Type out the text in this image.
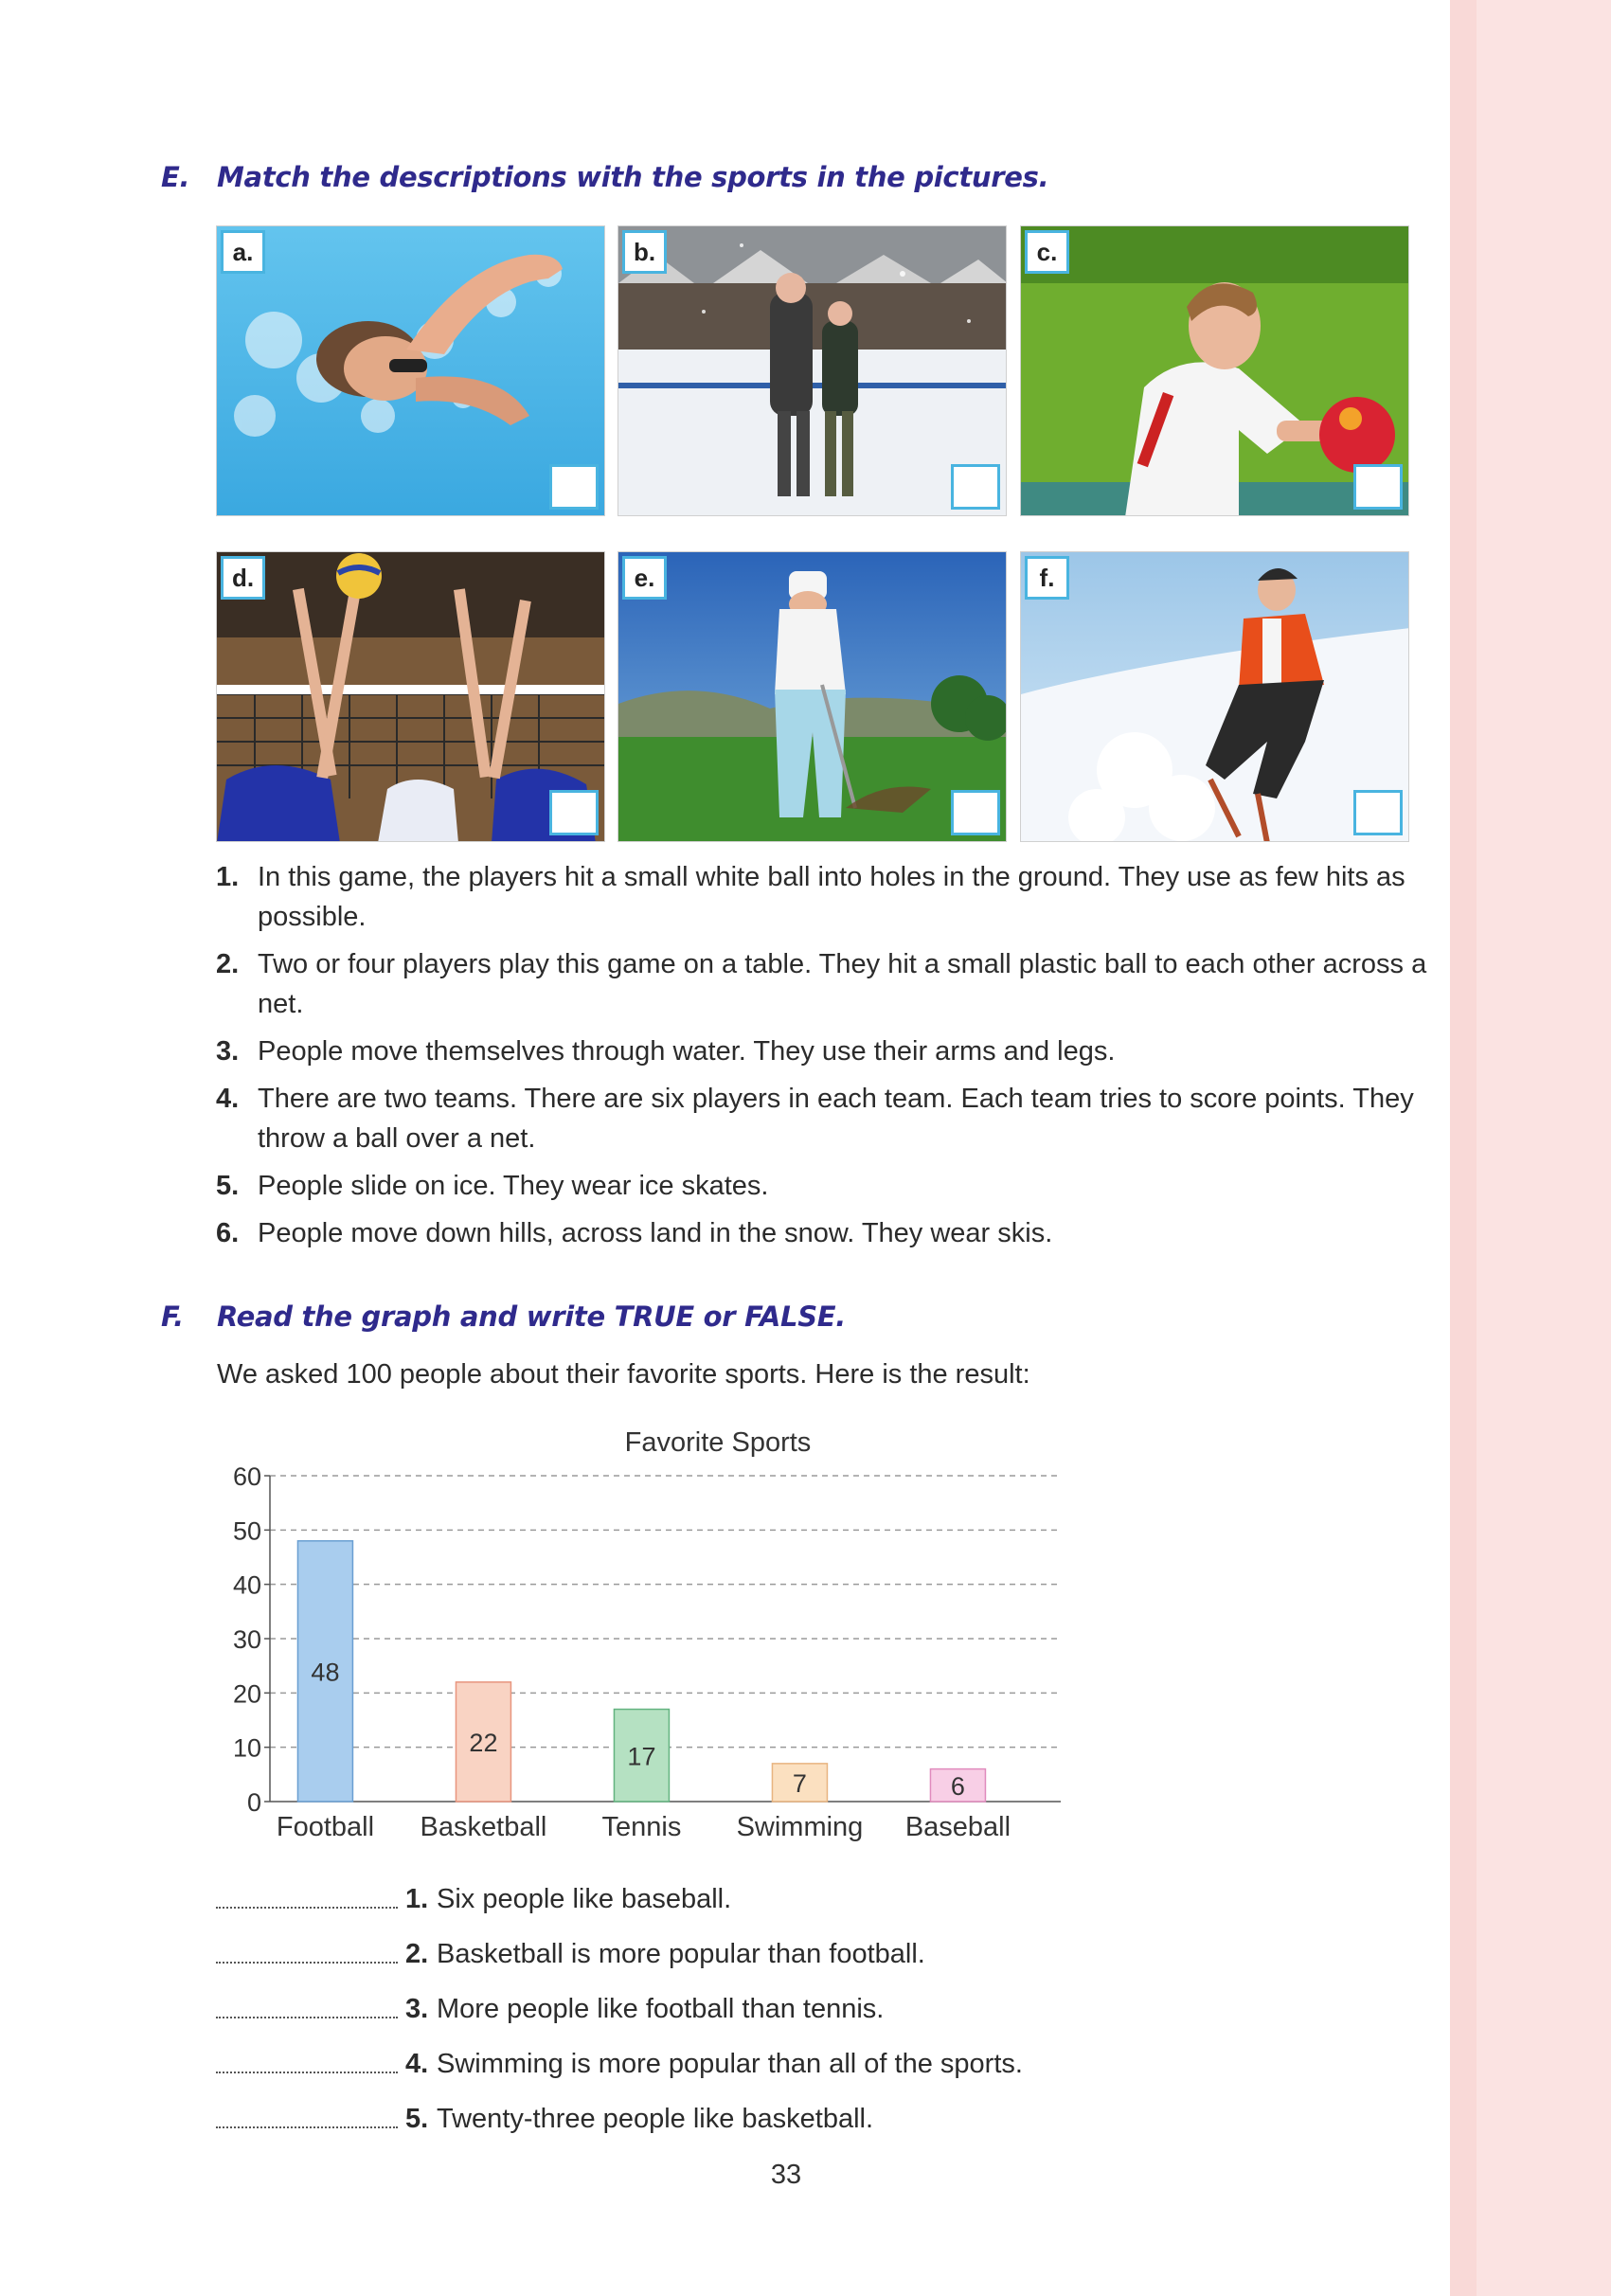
E. Match the descriptions with the sports in the pictures.
a.	b.	c.
d.	e.	f.
1. In this game, the players hit a small white ball into holes in the ground. They use as few hits as possible.
2. Two or four players play this game on a table. They hit a small plastic ball to each other across a net.
3. People move themselves through water. They use their arms and legs.
4. There are two teams. There are six players in each team. Each team tries to score points. They throw a ball over a net.
5. People slide on ice. They wear ice skates.
6. People move down hills, across land in the snow. They wear skis.
F. Read the graph and write TRUE or FALSE.
We asked 100 people about their favorite sports. Here is the result:
Favorite Sports
0
10
20
30
40
50
60
48
Football
22
Basketball
17
Tennis
7
Swimming
6
Baseball
1. Six people like baseball.
2. Basketball is more popular than football.
3. More people like football than tennis.
4. Swimming is more popular than all of the sports.
5. Twenty-three people like basketball.
33
